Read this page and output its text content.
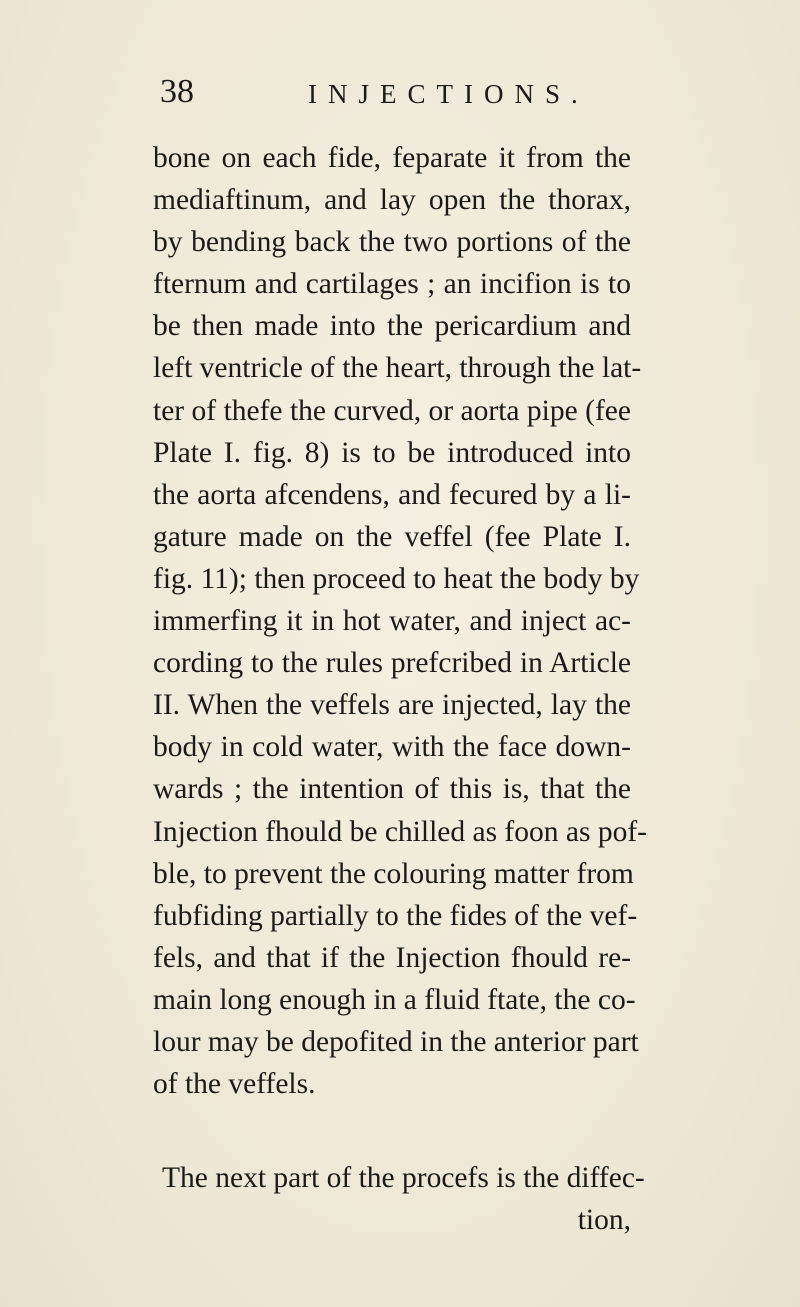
38	INJECTIONS.
bone on each fide, feparate it from the
mediaftinum, and lay open the thorax,
by bending back the two portions of the
fternum and cartilages ; an incifion is to
be then made into the pericardium and
left ventricle of the heart, through the lat-
ter of thefe the curved, or aorta pipe (fee
Plate I. fig. 8) is to be introduced into
the aorta afcendens, and fecured by a li-
gature made on the veffel (fee Plate I.
fig. 11); then proceed to heat the body by
immerfing it in hot water, and inject ac-
cording to the rules prefcribed in Article
II. When the veffels are injected, lay the
body in cold water, with the face down-
wards ; the intention of this is, that the
Injection fhould be chilled as foon as pof-
ble, to prevent the colouring matter from
fubfiding partially to the fides of the vef-
fels, and that if the Injection fhould re-
main long enough in a fluid ftate, the co-
lour may be depofited in the anterior part
of the veffels.
The next part of the procefs is the diffec-
tion,
